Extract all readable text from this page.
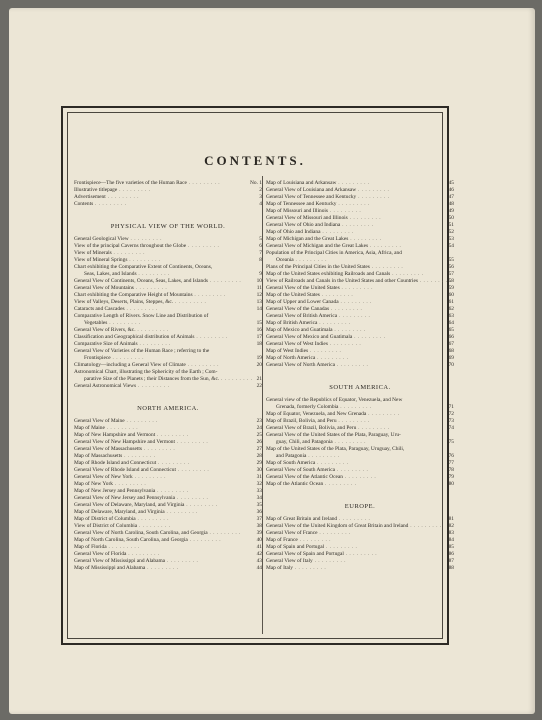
CONTENTS.
Frontispiece—The five varieties of the Human Race . . .	No. 1
Illustrative titlepage . . .	2
Advertisement . . .	3
Contents . . .	4
PHYSICAL VIEW OF THE WORLD.
General Geological View . . .	5
View of the principal Caverns throughout the Globe . . .	6
View of Minerals . . .	7
View of Mineral Springs . . .	8
Chart exhibiting the Comparative Extent of Continents, Oceans,
Seas, Lakes, and Islands . . .	9
General View of Continents, Oceans, Seas, Lakes, and Islands . . .	10
General View of Mountains . . .	11
Chart exhibiting the Comparative Height of Mountains . . .	12
View of Valleys, Deserts, Plains, Steppes, &c. . . .	13
Cataracts and Cascades . . .	14
Comparative Length of Rivers. Snow Line and Distribution of
Vegetables . . .	15
General View of Rivers, &c. . . .	16
Classification and Geographical distribution of Animals . . .	17
Comparative Size of Animals . . .	18
General View of Varieties of the Human Race ; referring to the
Frontispiece . . .	19
Climatology—including a General View of Climate . . .	20
Astronomical Chart, illustrating the Sphericity of the Earth ; Com-
parative Size of the Planets ; their Distances from the Sun, &c. . . .	21
General Astronomical Views . . .	22
NORTH AMERICA.
General View of Maine . . .	23
Map of Maine . . .	24
Map of New Hampshire and Vermont . . .	25
General View of New Hampshire and Vermont . . .	26
General View of Massachusetts . . .	27
Map of Massachusetts . . .	28
Map of Rhode Island and Connecticut . . .	29
General View of Rhode Island and Connecticut . . .	30
General View of New York . . .	31
Map of New York . . .	32
Map of New Jersey and Pennsylvania . . .	33
General View of New Jersey and Pennsylvania . . .	34
General View of Delaware, Maryland, and Virginia . . .	35
Map of Delaware, Maryland, and Virginia . . .	36
Map of District of Columbia . . .	37
View of District of Columbia . . .	38
General View of North Carolina, South Carolina, and Georgia . . .	39
Map of North Carolina, South Carolina, and Georgia . . .	40
Map of Florida . . .	41
General View of Florida . . .	42
General View of Mississippi and Alabama . . .	43
Map of Mississippi and Alabama . . .	44
Map of Louisiana and Arkansaw . . .	45
General View of Louisiana and Arkansaw . . .	46
General View of Tennessee and Kentucky . . .	47
Map of Tennessee and Kentucky . . .	48
Map of Missouri and Illinois . . .	49
General View of Missouri and Illinois . . .	50
General View of Ohio and Indiana . . .	51
Map of Ohio and Indiana . . .	52
Map of Michigan and the Great Lakes . . .	53
General View of Michigan and the Great Lakes . . .	54
Population of the Principal Cities in America, Asia, Africa, and
Oceania . . .	55
Plans of the Principal Cities in the United States . . .	56
Map of the United States exhibiting Railroads and Canals . . .	57
View of Railroads and Canals in the United States and other Countries . . .	58
General View of the United States . . .	59
Map of the United States . . .	60
Map of Upper and Lower Canada . . .	61
General View of the Canadas . . .	62
General View of British America . . .	63
Map of British America . . .	64
Map of Mexico and Guatimala . . .	65
General View of Mexico and Guatimala . . .	66
General View of West Indies . . .	67
Map of West Indies . . .	68
Map of North America . . .	69
General View of North America . . .	70
SOUTH AMERICA.
General view of the Republics of Equator, Venezuela, and New
Grenada, formerly Colombia . . .	71
Map of Equator, Venezuela, and New Grenada . . .	72
Map of Brazil, Bolivia, and Peru . . .	73
General View of Brazil, Bolivia, and Peru . . .	74
General View of the United States of the Plata, Paraguay, Uru-
guay, Chili, and Patagonia . . .	75
Map of the United States of the Plata, Paraguay, Uruguay, Chili,
and Patagonia . . .	76
Map of South America . . .	77
General View of South America . . .	78
General View of the Atlantic Ocean . . .	79
Map of the Atlantic Ocean . . .	80
EUROPE.
Map of Great Britain and Ireland . . .	81
General View of the United Kingdom of Great Britain and Ireland . . .	82
General View of France . . .	83
Map of France . . .	84
Map of Spain and Portugal . . .	85
General View of Spain and Portugal . . .	86
General View of Italy . . .	87
Map of Italy . . .	88
